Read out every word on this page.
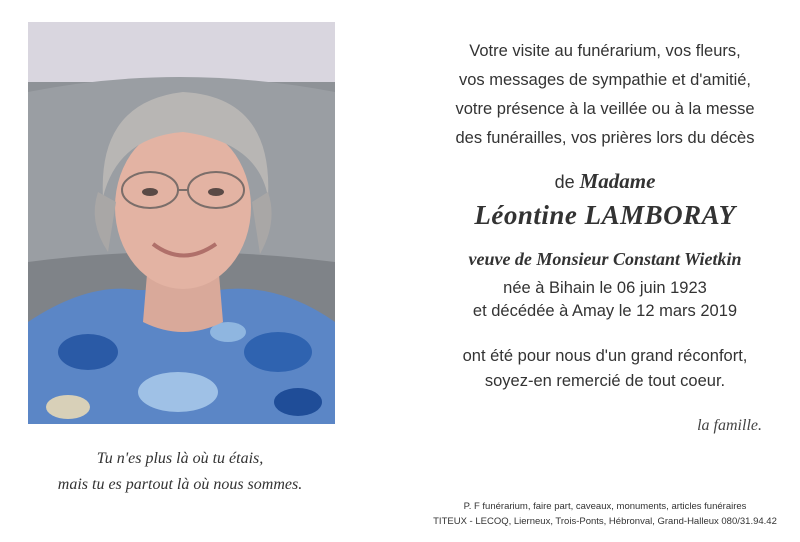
Tu n'es plus là où tu étais,
mais tu es partout là où nous sommes.
Votre visite au funérarium, vos fleurs,
vos messages de sympathie et d'amitié,
votre présence à la veillée ou à la messe
des funérailles, vos prières lors du décès
de Madame
Léontine LAMBORAY
veuve de Monsieur Constant Wietkin
née à Bihain le 06 juin 1923
et décédée à Amay le 12 mars 2019
ont été pour nous d'un grand réconfort,
soyez-en remercié de tout coeur.
la famille.
P. F funérarium, faire part, caveaux, monuments, articles funéraires
TITEUX - LECOQ, Lierneux, Trois-Ponts, Hébronval, Grand-Halleux 080/31.94.42
